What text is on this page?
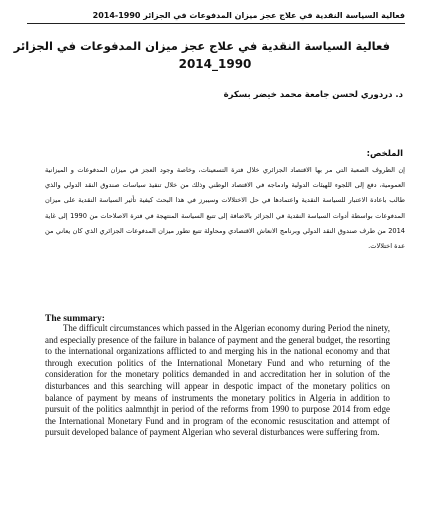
فعالية السياسة النقدية في علاج عجز ميزان المدفوعات في الجزائر 1990-2014
فعالية السياسة النقدية في علاج عجز ميزان المدفوعات في الجزائر
2014_1990
د. دردوري لحسن جامعة محمد خيضر بسكرة
الملخص:
إن الظروف الصعبة التي مر بها الاقتصاد الجزائري خلال فترة التسعينات، وخاصة وجود العجز في ميزان المدفوعات و الميزانية العمومية، دفع إلى اللجوء للهيئات الدولية وادماجه في الاقتصاد الوطني وذلك من خلال تنفيذ سياسات صندوق النقد الدولي والذي طالب باعادة الاعتبار للسياسة النقدية واعتمادها في حل الاختلالات وسيبرز في هذا البحث كيفية تأثير السياسة النقدية على ميزان المدفوعات بواسطة أدوات السياسة النقدية في الجزائر بالاضافة إلى تتبع السياسة المنتهجة في فترة الاصلاحات من 1990 إلى غاية 2014 من طرف صندوق النقد الدولي وبرنامج الانعاش الاقتصادي ومحاولة تتبع تطور ميزان المدفوعات الجزائري الذي كان يعاني من عدة اختلالات.
The summary:
The difficult circumstances which passed in the Algerian economy during Period the ninety, and especially presence of the failure in balance of payment and the general budget, the resorting to the international organizations afflicted to and merging his in the national economy and that through execution politics of the International Monetary Fund and who returning of the consideration for the monetary politics demanded in and accreditation her in solution of the disturbances and this searching will appear in despotic impact of the monetary politics on balance of payment by means of instruments the monetary politics in Algeria in addition to pursuit of the politics aalmnthjt in period of the reforms from 1990 to purpose 2014 from edge the International Monetary Fund and in program of the economic resuscitation and attempt of pursuit developed balance of payment Algerian who several disturbances were suffering from.
